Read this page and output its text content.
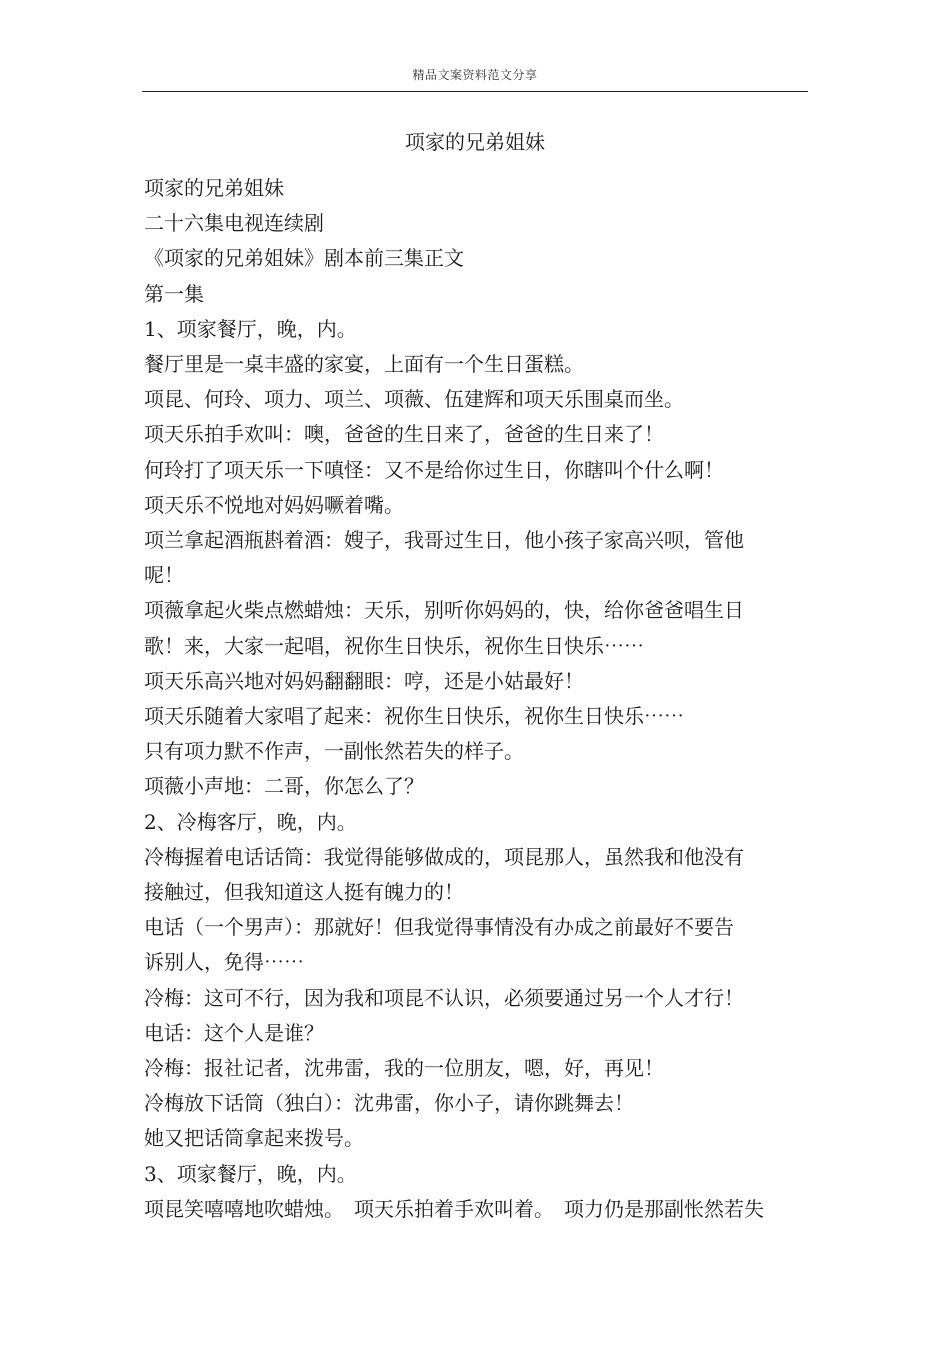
精品文案资料范文分享
项家的兄弟姐妹

项家的兄弟姐妹

二十六集电视连续剧

《项家的兄弟姐妹》剧本前三集正文

第一集

1、项家餐厅，晚，内。

餐厅里是一桌丰盛的家宴，上面有一个生日蛋糕。

项昆、何玲、项力、项兰、项薇、伍建辉和项天乐围桌而坐。

项天乐拍手欢叫：噢，爸爸的生日来了，爸爸的生日来了！

何玲打了项天乐一下嗔怪：又不是给你过生日，你瞎叫个什么啊！

项天乐不悦地对妈妈噘着嘴。

项兰拿起酒瓶斟着酒：嫂子，我哥过生日，他小孩子家高兴呗，管他

呢！

项薇拿起火柴点燃蜡烛：天乐，别听你妈妈的，快，给你爸爸唱生日

歌！来，大家一起唱，祝你生日快乐，祝你生日快乐⋯⋯

项天乐高兴地对妈妈翻翻眼：哼，还是小姑最好！

项天乐随着大家唱了起来：祝你生日快乐，祝你生日快乐⋯⋯

只有项力默不作声，一副怅然若失的样子。

项薇小声地：二哥，你怎么了？

2、冷梅客厅，晚，内。

冷梅握着电话话筒：我觉得能够做成的，项昆那人，虽然我和他没有

接触过，但我知道这人挺有魄力的！

电话（一个男声）：那就好！但我觉得事情没有办成之前最好不要告

诉别人，免得⋯⋯

冷梅：这可不行，因为我和项昆不认识，必须要通过另一个人才行！

电话：这个人是谁？

冷梅：报社记者，沈弗雷，我的一位朋友，嗯，好，再见！

冷梅放下话筒（独白）：沈弗雷，你小子，请你跳舞去！

她又把话筒拿起来拨号。

3、项家餐厅，晚，内。

项昆笑嘻嘻地吹蜡烛。　项天乐拍着手欢叫着。　项力仍是那副怅然若失
